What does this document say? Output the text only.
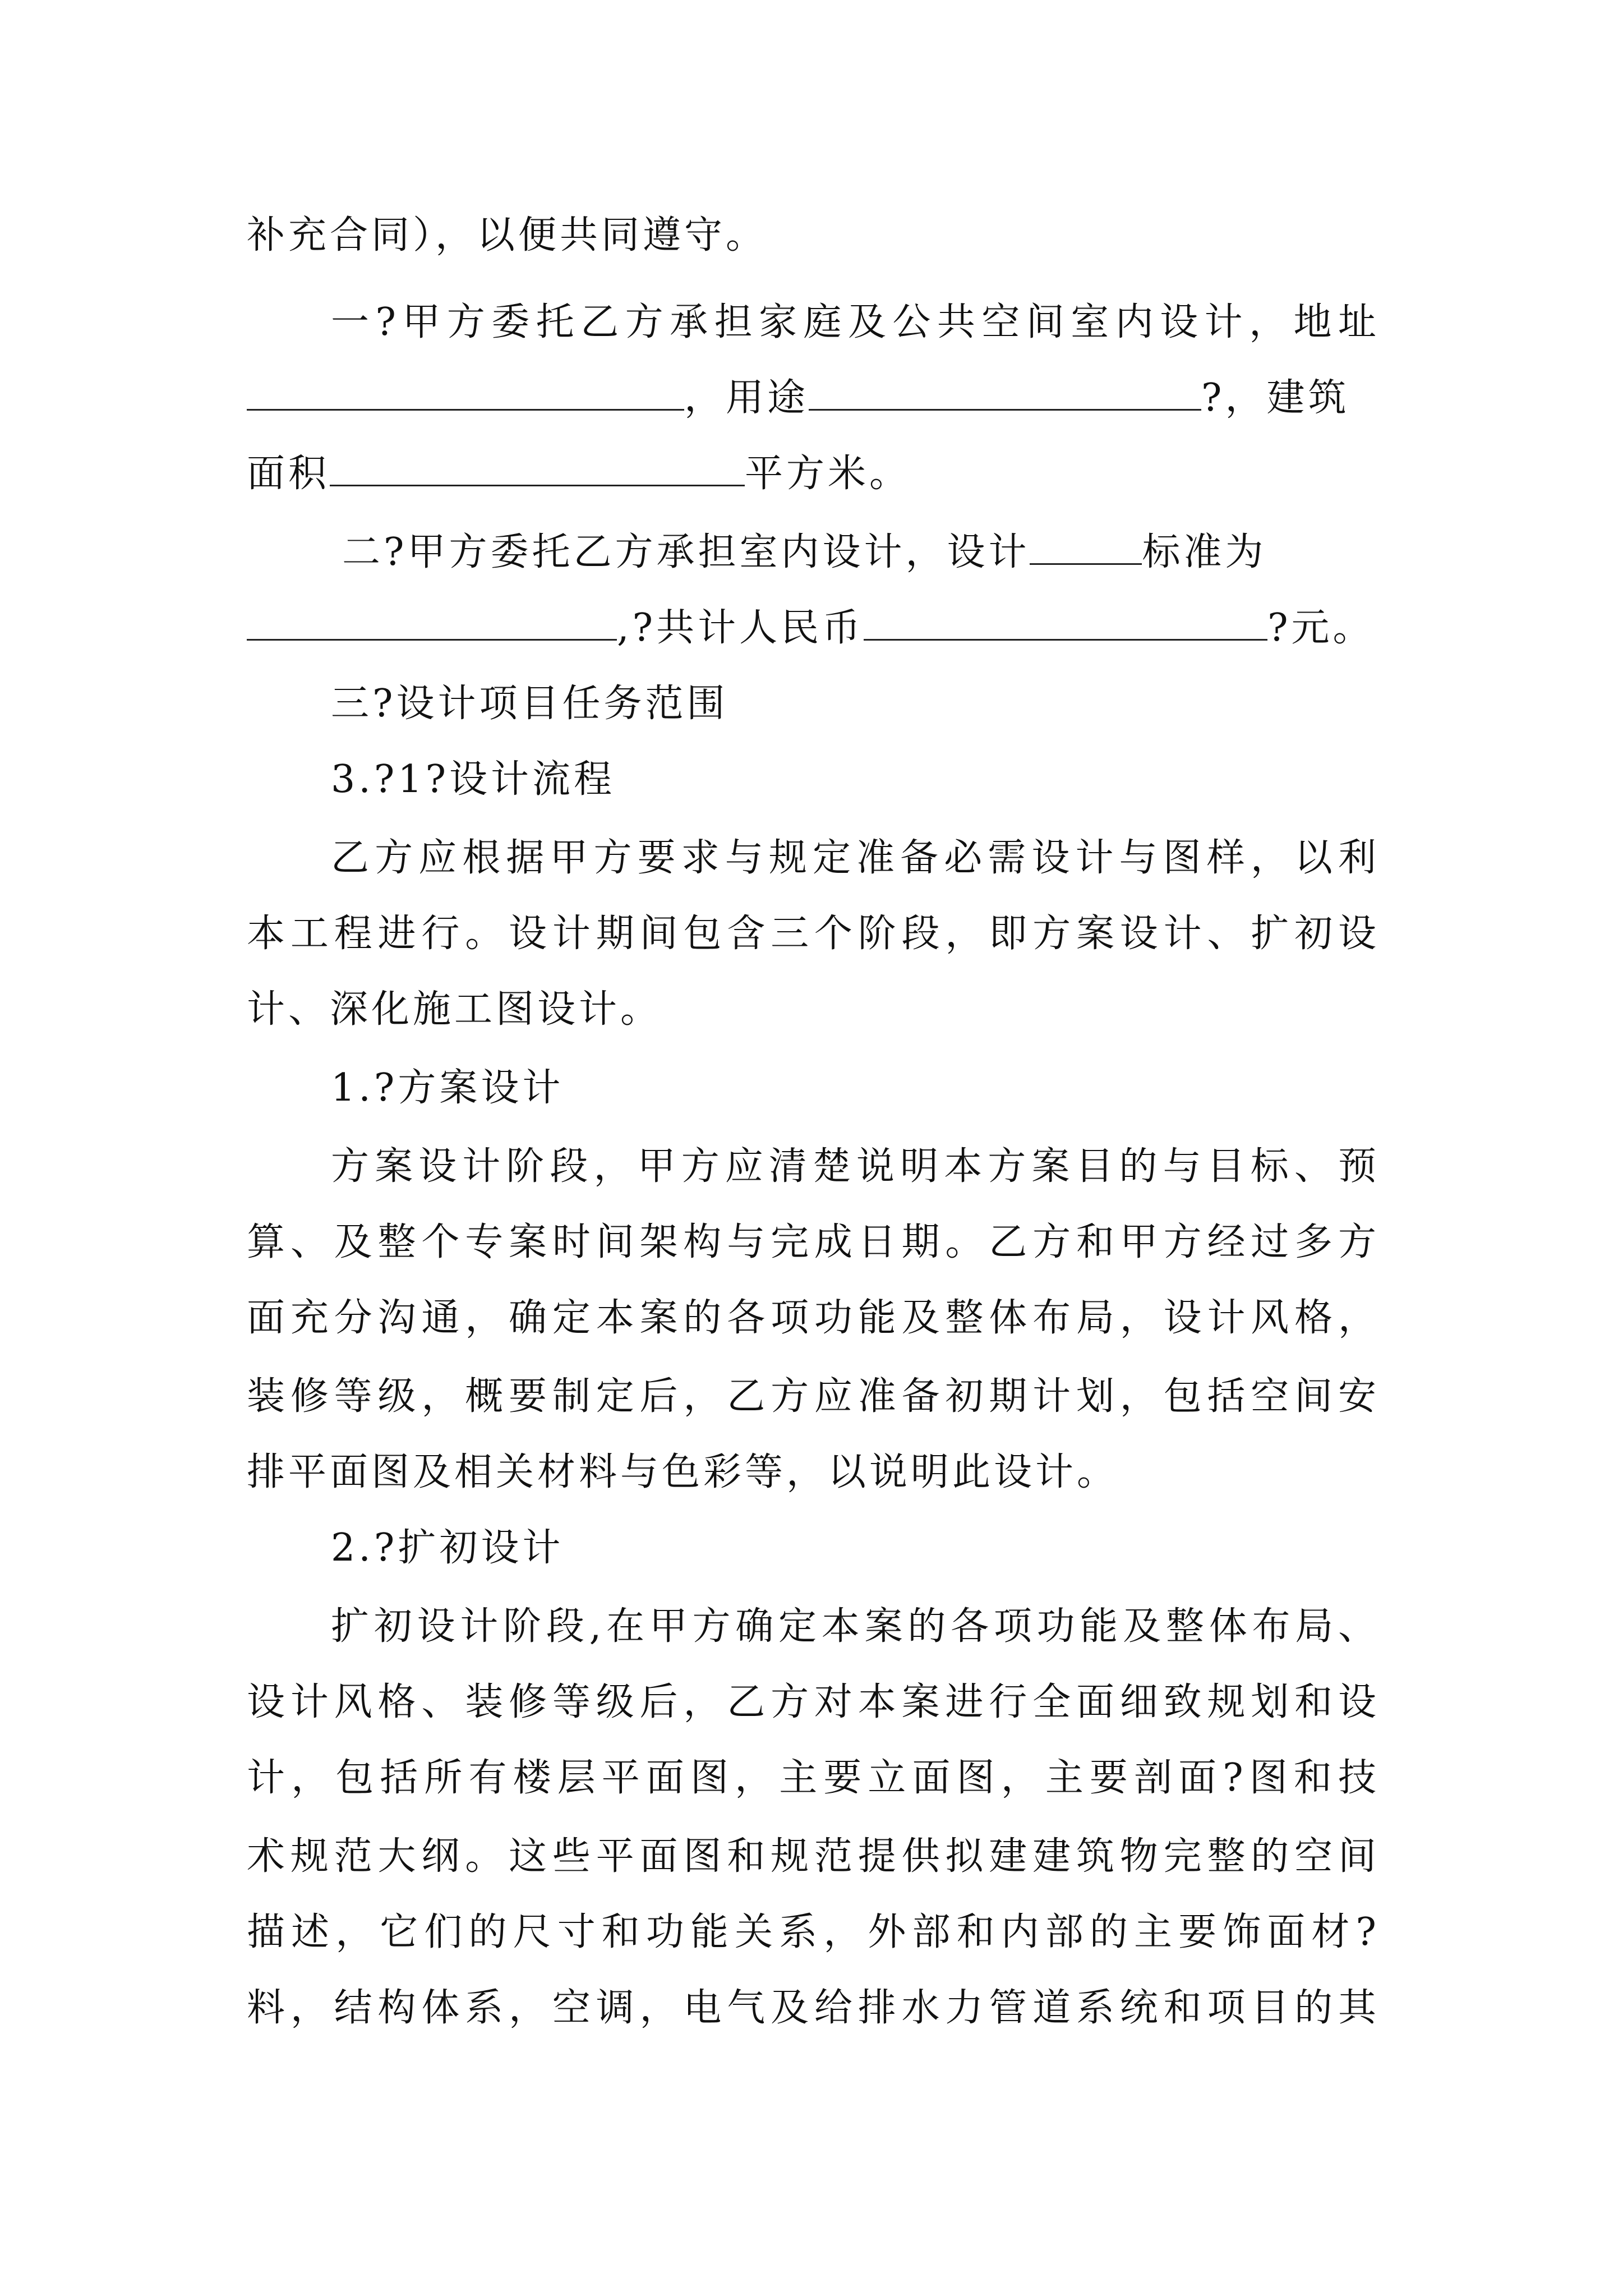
补充合同），以便共同遵守。
一?甲方委托乙方承担家庭及公共空间室内设计，地址
，用途	?，建筑
面积	平方米。
二?甲方委托乙方承担室内设计，设计	标准为
,?共计人民币	?元。
三?设计项目任务范围
3.?1?设计流程
乙方应根据甲方要求与规定准备必需设计与图样，以利
本工程进行。设计期间包含三个阶段，即方案设计、扩初设
计、深化施工图设计。
1.?方案设计
方案设计阶段，甲方应清楚说明本方案目的与目标、预
算、及整个专案时间架构与完成日期。乙方和甲方经过多方
面充分沟通，确定本案的各项功能及整体布局，设计风格，
装修等级，概要制定后，乙方应准备初期计划，包括空间安
排平面图及相关材料与色彩等，以说明此设计。
2.?扩初设计
扩初设计阶段,在甲方确定本案的各项功能及整体布局、
设计风格、装修等级后，乙方对本案进行全面细致规划和设
计，包括所有楼层平面图，主要立面图，主要剖面?图和技
术规范大纲。这些平面图和规范提供拟建建筑物完整的空间
描述，它们的尺寸和功能关系，外部和内部的主要饰面材?
料，结构体系，空调，电气及给排水力管道系统和项目的其
